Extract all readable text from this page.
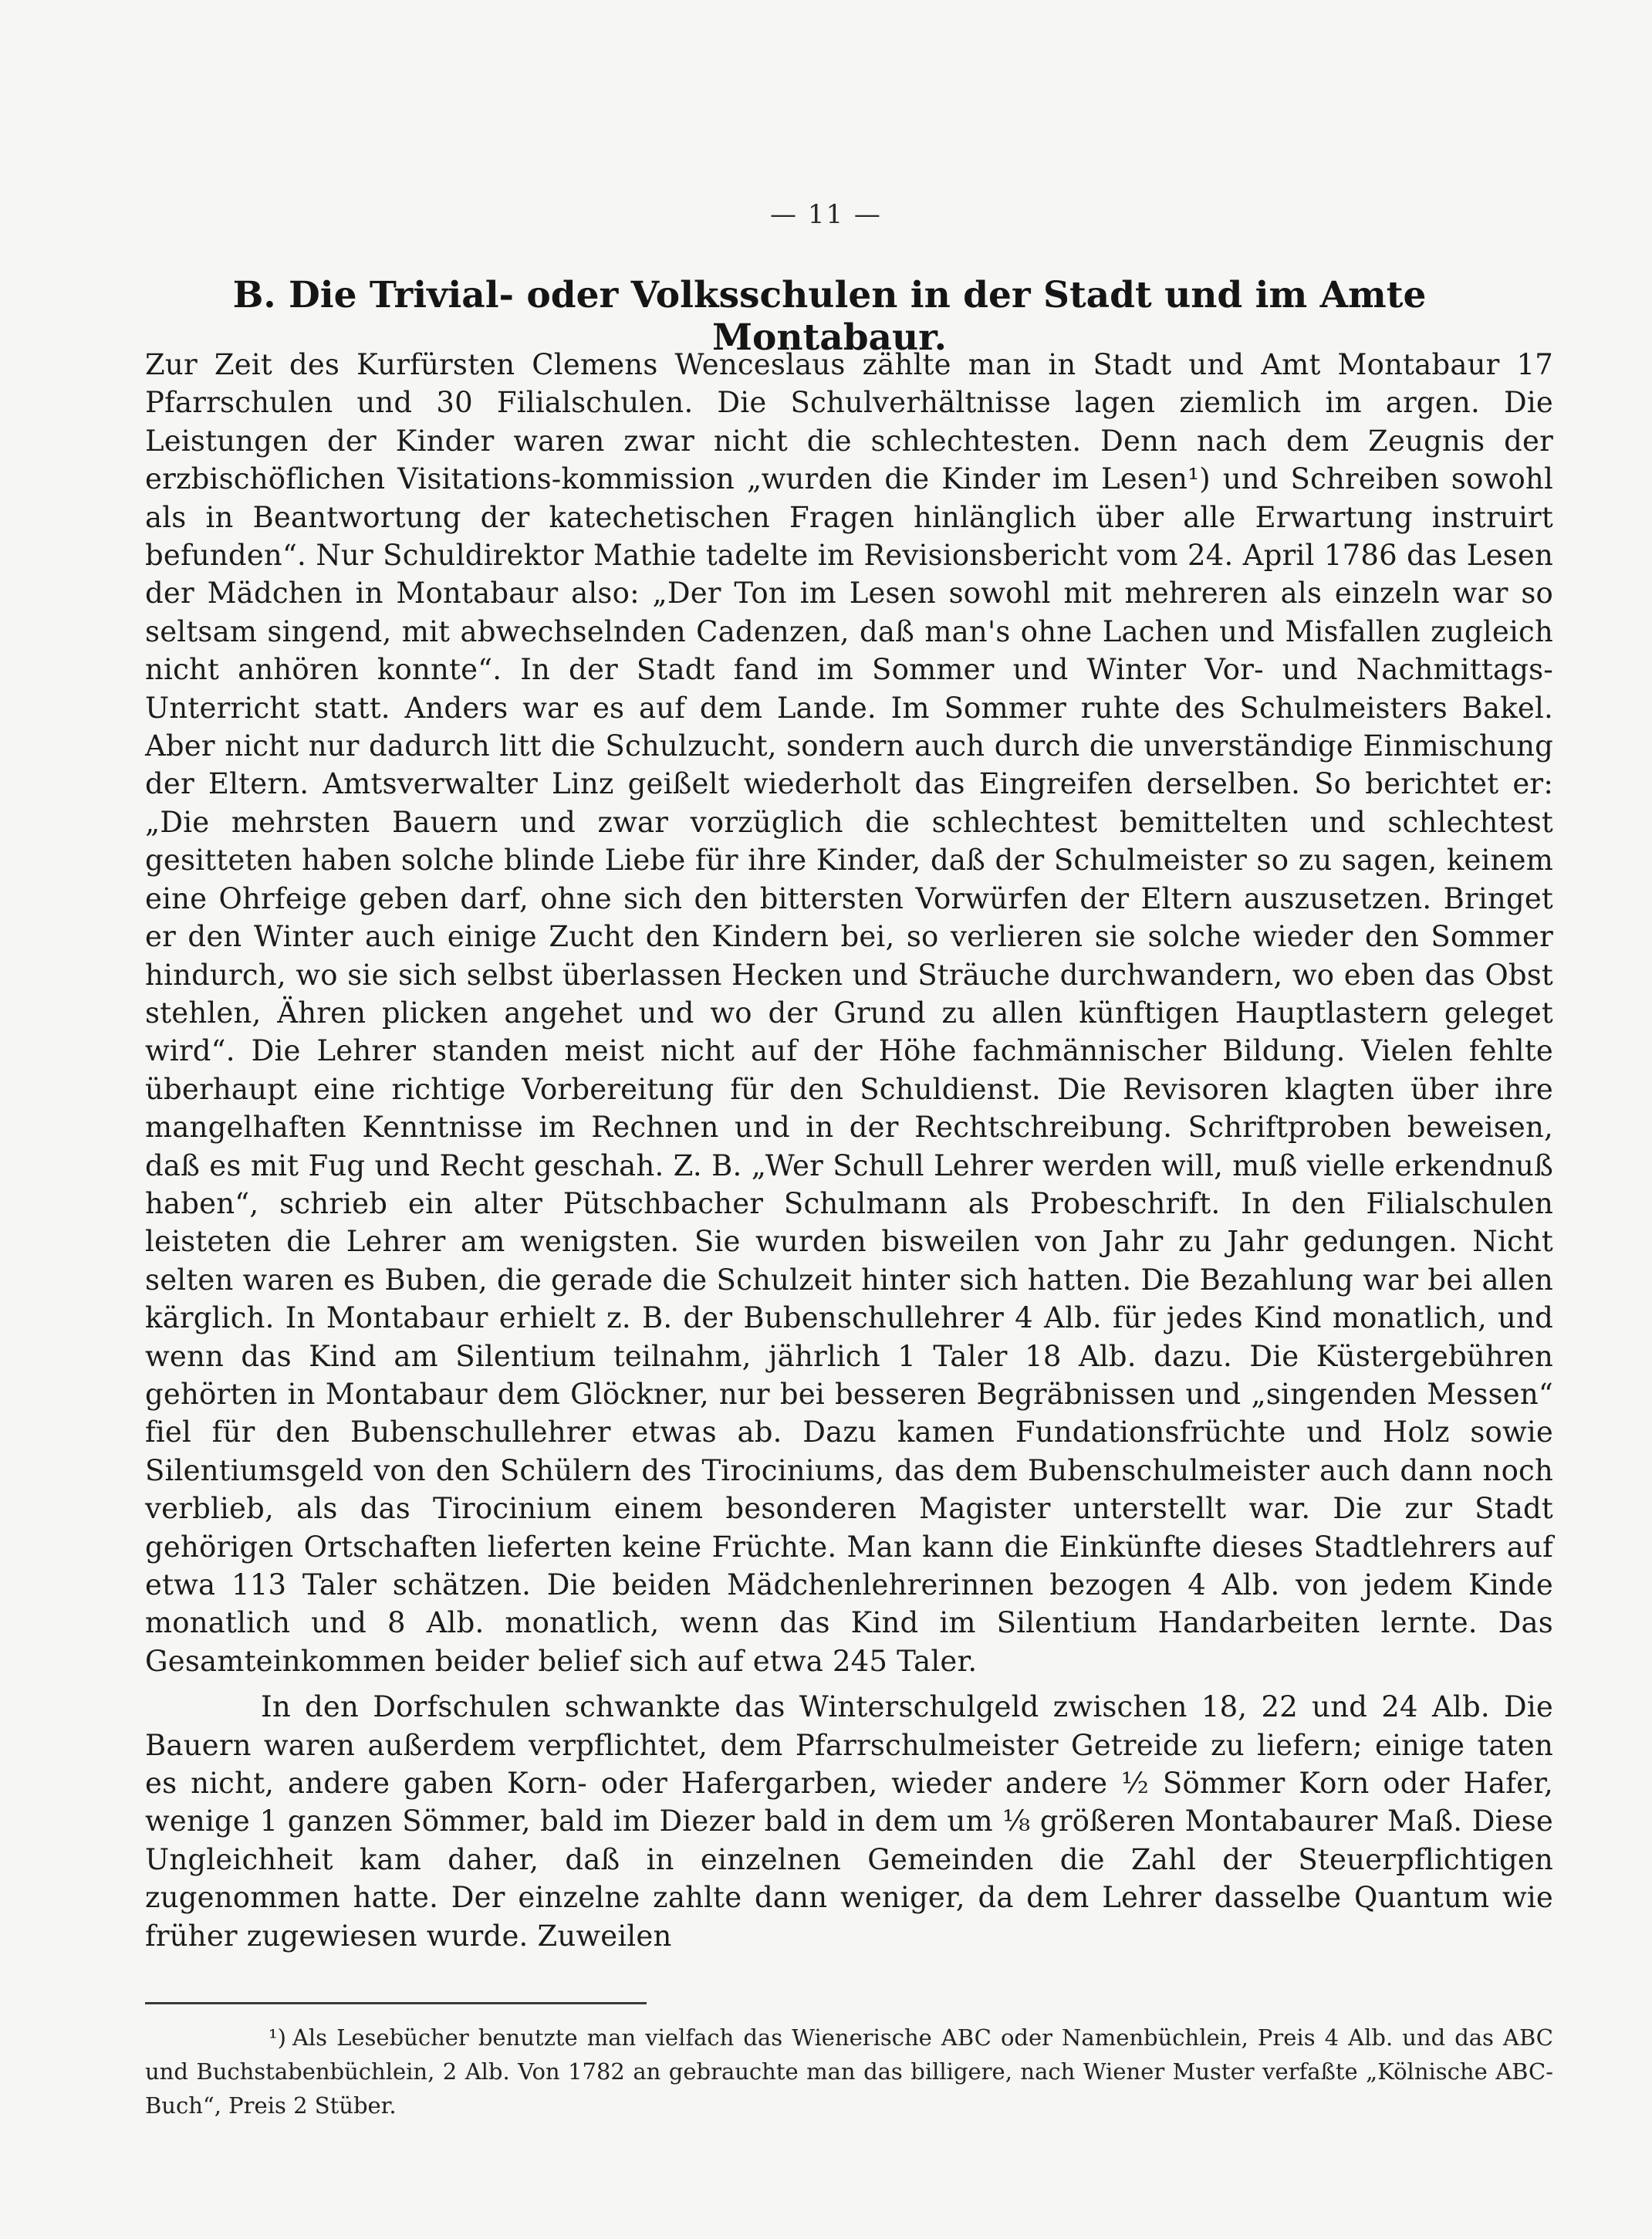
— 11 —
B. Die Trivial- oder Volksschulen in der Stadt und im Amte Montabaur.

Zur Zeit des Kurfürsten Clemens Wenceslaus zählte man in Stadt und Amt Montabaur 17 Pfarrschulen und 30 Filialschulen. Die Schulverhältnisse lagen ziemlich im argen. Die Leistungen der Kinder waren zwar nicht die schlechtesten. Denn nach dem Zeugnis der erzbischöflichen Visitations-kommission „wurden die Kinder im Lesen¹) und Schreiben sowohl als in Beantwortung der katechetischen Fragen hinlänglich über alle Erwartung instruirt befunden“. Nur Schuldirektor Mathie tadelte im Revisionsbericht vom 24. April 1786 das Lesen der Mädchen in Montabaur also: „Der Ton im Lesen sowohl mit mehreren als einzeln war so seltsam singend, mit abwechselnden Cadenzen, daß man's ohne Lachen und Misfallen zugleich nicht anhören konnte“. In der Stadt fand im Sommer und Winter Vor- und Nachmittags-Unterricht statt. Anders war es auf dem Lande. Im Sommer ruhte des Schulmeisters Bakel. Aber nicht nur dadurch litt die Schulzucht, sondern auch durch die unverständige Einmischung der Eltern. Amtsverwalter Linz geißelt wiederholt das Eingreifen derselben. So berichtet er: „Die mehrsten Bauern und zwar vorzüglich die schlechtest bemittelten und schlechtest gesitteten haben solche blinde Liebe für ihre Kinder, daß der Schulmeister so zu sagen, keinem eine Ohrfeige geben darf, ohne sich den bittersten Vorwürfen der Eltern auszusetzen. Bringet er den Winter auch einige Zucht den Kindern bei, so verlieren sie solche wieder den Sommer hindurch, wo sie sich selbst überlassen Hecken und Sträuche durchwandern, wo eben das Obst stehlen, Ähren plicken angehet und wo der Grund zu allen künftigen Hauptlastern geleget wird“. Die Lehrer standen meist nicht auf der Höhe fachmännischer Bildung. Vielen fehlte überhaupt eine richtige Vorbereitung für den Schuldienst. Die Revisoren klagten über ihre mangelhaften Kenntnisse im Rechnen und in der Rechtschreibung. Schriftproben beweisen, daß es mit Fug und Recht geschah. Z. B. „Wer Schull Lehrer werden will, muß vielle erkendnuß haben“, schrieb ein alter Pütschbacher Schulmann als Probeschrift. In den Filialschulen leisteten die Lehrer am wenigsten. Sie wurden bisweilen von Jahr zu Jahr gedungen. Nicht selten waren es Buben, die gerade die Schulzeit hinter sich hatten. Die Bezahlung war bei allen kärglich. In Montabaur erhielt z. B. der Bubenschullehrer 4 Alb. für jedes Kind monatlich, und wenn das Kind am Silentium teilnahm, jährlich 1 Taler 18 Alb. dazu. Die Küstergebühren gehörten in Montabaur dem Glöckner, nur bei besseren Begräbnissen und „singenden Messen“ fiel für den Bubenschullehrer etwas ab. Dazu kamen Fundationsfrüchte und Holz sowie Silentiumsgeld von den Schülern des Tirociniums, das dem Bubenschulmeister auch dann noch verblieb, als das Tirocinium einem besonderen Magister unterstellt war. Die zur Stadt gehörigen Ortschaften lieferten keine Früchte. Man kann die Einkünfte dieses Stadtlehrers auf etwa 113 Taler schätzen. Die beiden Mädchenlehrerinnen bezogen 4 Alb. von jedem Kinde monatlich und 8 Alb. monatlich, wenn das Kind im Silentium Handarbeiten lernte. Das Gesamteinkommen beider belief sich auf etwa 245 Taler.

In den Dorfschulen schwankte das Winterschulgeld zwischen 18, 22 und 24 Alb. Die Bauern waren außerdem verpflichtet, dem Pfarrschulmeister Getreide zu liefern; einige taten es nicht, andere gaben Korn- oder Hafergarben, wieder andere ½ Sömmer Korn oder Hafer, wenige 1 ganzen Sömmer, bald im Diezer bald in dem um ⅛ größeren Montabaurer Maß. Diese Ungleichheit kam daher, daß in einzelnen Gemeinden die Zahl der Steuerpflichtigen zugenommen hatte. Der einzelne zahlte dann weniger, da dem Lehrer dasselbe Quantum wie früher zugewiesen wurde. Zuweilen

¹) Als Lesebücher benutzte man vielfach das Wienerische ABC oder Namenbüchlein, Preis 4 Alb. und das ABC und Buchstabenbüchlein, 2 Alb. Von 1782 an gebrauchte man das billigere, nach Wiener Muster verfaßte „Kölnische ABC-Buch“, Preis 2 Stüber.
